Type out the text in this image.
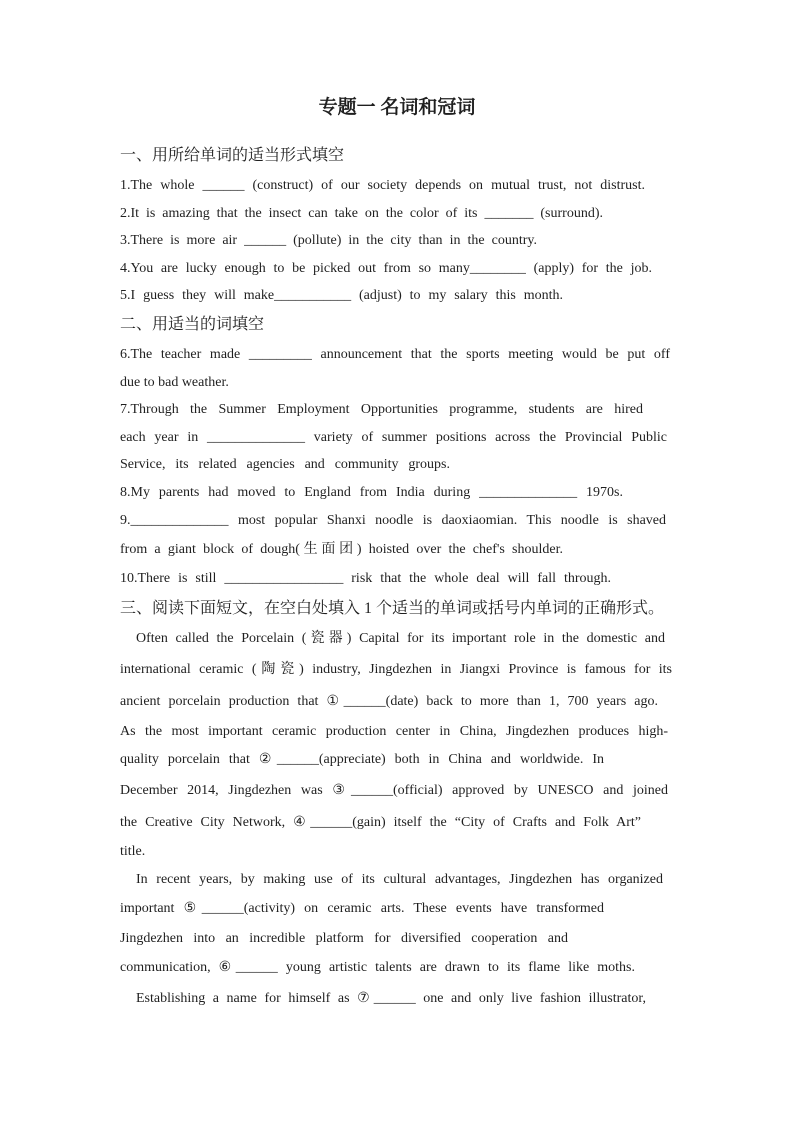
专题一 名词和冠词
一、用所给单词的适当形式填空
1.The whole ______ (construct) of our society depends on mutual trust, not distrust.
2.It is amazing that the insect can take on the color of its _______ (surround).
3.There is more air ______ (pollute) in the city than in the country.
4.You are lucky enough to be picked out from so many________ (apply) for the job.
5.I guess they will make___________ (adjust) to my salary this month.
二、用适当的词填空
6.The teacher made _________ announcement that the sports meeting would be put off
due to bad weather.
7.Through the Summer Employment Opportunities programme, students are hired
each year in ______________ variety of summer positions across the Provincial Public
Service, its related agencies and community groups.
8.My parents had moved to England from India during ______________ 1970s.
9.______________ most popular Shanxi noodle is daoxiaomian. This noodle is shaved
from a giant block of dough(生面团) hoisted over the chef's shoulder.
10.There is still _________________ risk that the whole deal will fall through.
三、阅读下面短文，在空白处填入 1 个适当的单词或括号内单词的正确形式。
Often called the Porcelain (瓷器) Capital for its important role in the domestic and
international ceramic (陶瓷) industry, Jingdezhen in Jiangxi Province is famous for its
ancient porcelain production that ①______(date) back to more than 1, 700 years ago.
As the most important ceramic production center in China, Jingdezhen produces high-
quality porcelain that ②______(appreciate) both in China and worldwide. In
December 2014, Jingdezhen was ③______(official) approved by UNESCO and joined
the Creative City Network, ④______(gain) itself the “City of Crafts and Folk Art”
title.
In recent years, by making use of its cultural advantages, Jingdezhen has organized
important ⑤______(activity) on ceramic arts. These events have transformed
Jingdezhen into an incredible platform for diversified cooperation and
communication, ⑥______ young artistic talents are drawn to its flame like moths.
Establishing a name for himself as ⑦______ one and only live fashion illustrator,
